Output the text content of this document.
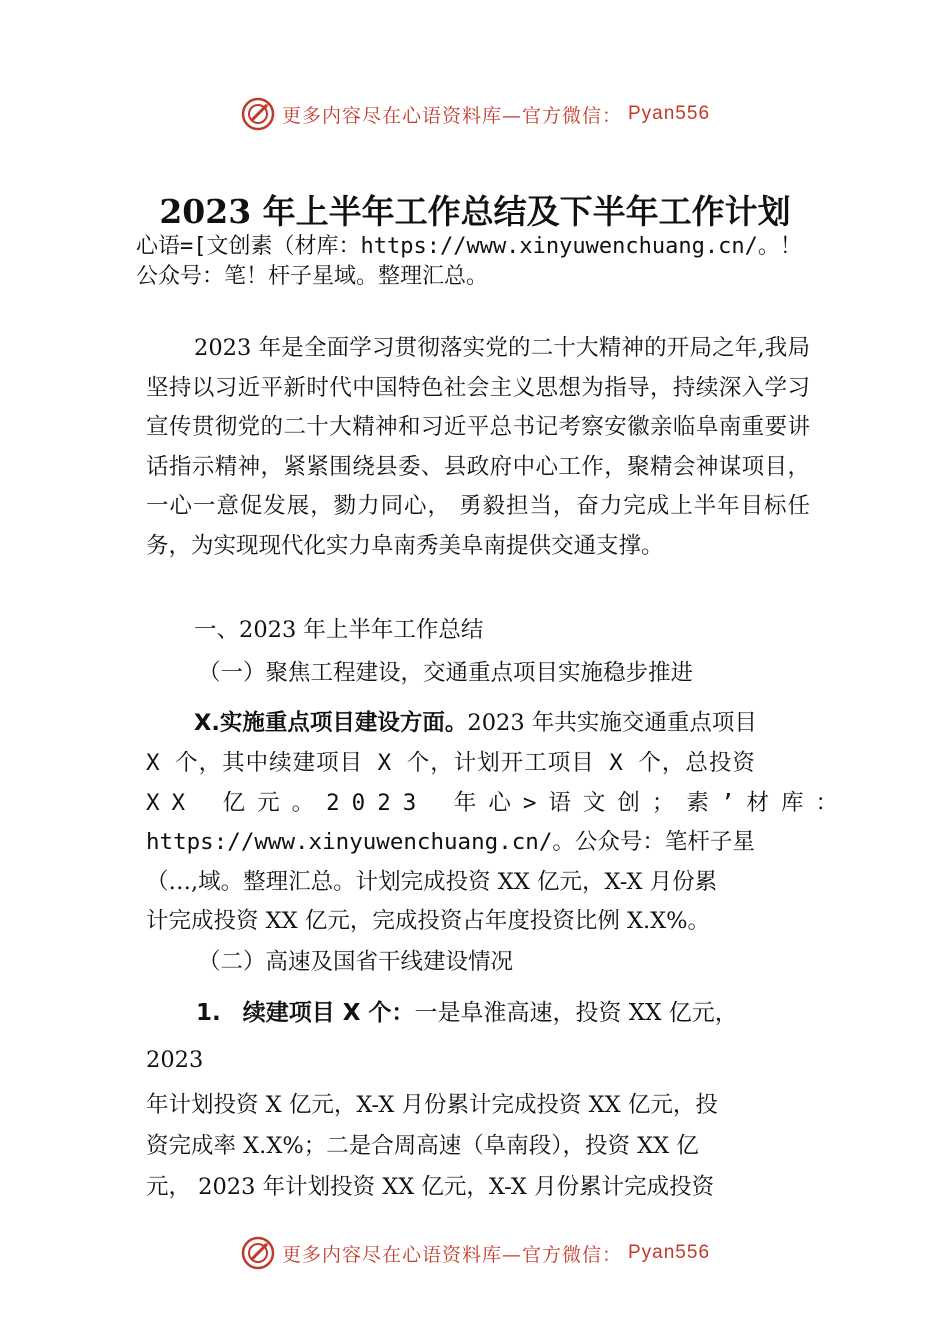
更多内容尽在心语资料库—官方微信： Pyan556
2023 年上半年工作总结及下半年工作计划
心语=[文创素（材库：https://www.xinyuwenchuang.cn/。！
公众号：笔！杆子星域。整理汇总。

2023 年是全面学习贯彻落实党的二十大精神的开局之年,我局坚持以习近平新时代中国特色社会主义思想为指导，持续深入学习宣传贯彻党的二十大精神和习近平总书记考察安徽亲临阜南重要讲话指示精神，紧紧围绕县委、县政府中心工作，聚精会神谋项目，一心一意促发展，勠力同心， 勇毅担当，奋力完成上半年目标任务，为实现现代化实力阜南秀美阜南提供交通支撑。

一、2023 年上半年工作总结
（一）聚焦工程建设，交通重点项目实施稳步推进
X.实施重点项目建设方面。2023 年共实施交通重点项目
X 个，其中续建项目 X 个，计划开工项目 X 个，总投资
XX 亿元。2023 年心>语文创；素’材库：
https://www.xinyuwenchuang.cn/。公众号：笔杆子星
（…,域。整理汇总。计划完成投资 XX 亿元，X-X 月份累
计完成投资 XX 亿元，完成投资占年度投资比例 X.X%。
（二）高速及国省干线建设情况
1. 续建项目 X 个：一是阜淮高速，投资 XX 亿元，
2023
年计划投资 X 亿元，X-X 月份累计完成投资 XX 亿元，投
资完成率 X.X%；二是合周高速（阜南段），投资 XX 亿
元， 2023 年计划投资 XX 亿元，X-X 月份累计完成投资
更多内容尽在心语资料库—官方微信： Pyan556
